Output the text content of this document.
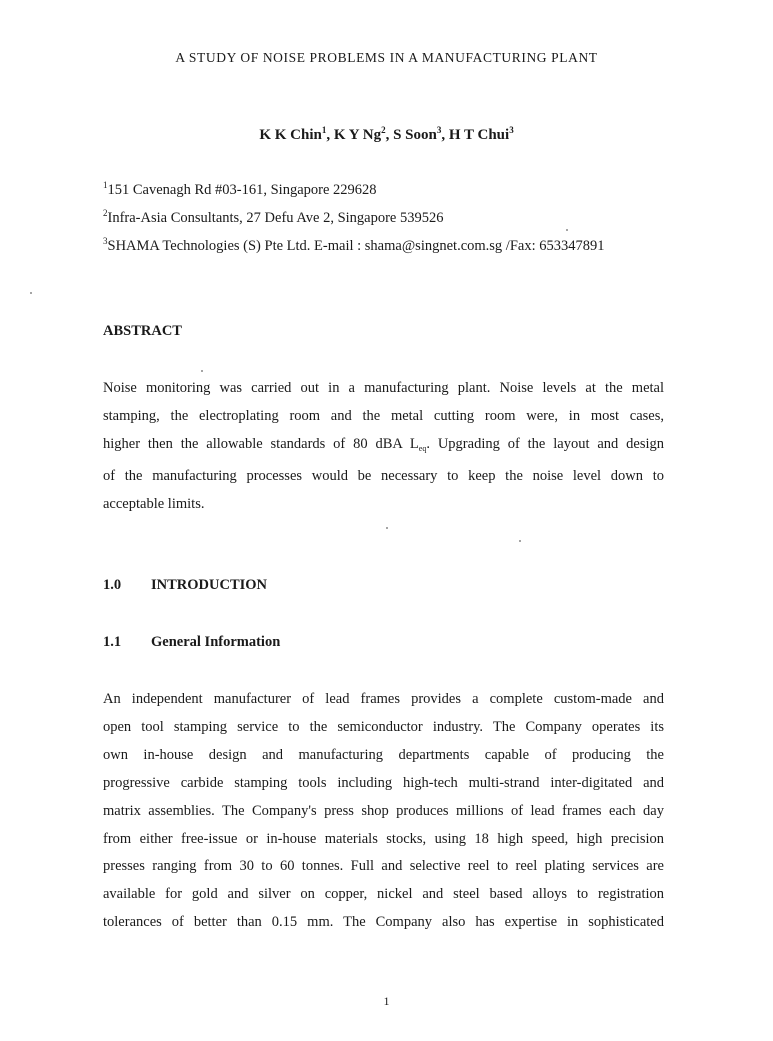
A STUDY OF NOISE PROBLEMS IN A MANUFACTURING PLANT
K K Chin$^1$, K Y Ng$^2$, S Soon$^3$, H T Chui$^3$
$^1$151 Cavenagh Rd #03-161, Singapore 229628
$^2$Infra-Asia Consultants, 27 Defu Ave 2, Singapore 539526
$^3$SHAMA Technologies (S) Pte Ltd. E-mail : shama@singnet.com.sg /Fax: 653347891
ABSTRACT
Noise monitoring was carried out in a manufacturing plant. Noise levels at the metal
stamping, the electroplating room and the metal cutting room were, in most cases,
higher then the allowable standards of 80 dBA $L_{eq}$. Upgrading of the layout and design
of the manufacturing processes would be necessary to keep the noise level down to
acceptable limits.
1.0 INTRODUCTION
1.1 General Information
An independent manufacturer of lead frames provides a complete custom-made and
open tool stamping service to the semiconductor industry. The Company operates its
own in-house design and manufacturing departments capable of producing the
progressive carbide stamping tools including high-tech multi-strand inter-digitated and
matrix assemblies. The Company's press shop produces millions of lead frames each day
from either free-issue or in-house materials stocks, using 18 high speed, high precision
presses ranging from 30 to 60 tonnes. Full and selective reel to reel plating services are
available for gold and silver on copper, nickel and steel based alloys to registration
tolerances of better than 0.15 mm. The Company also has expertise in sophisticated
1
